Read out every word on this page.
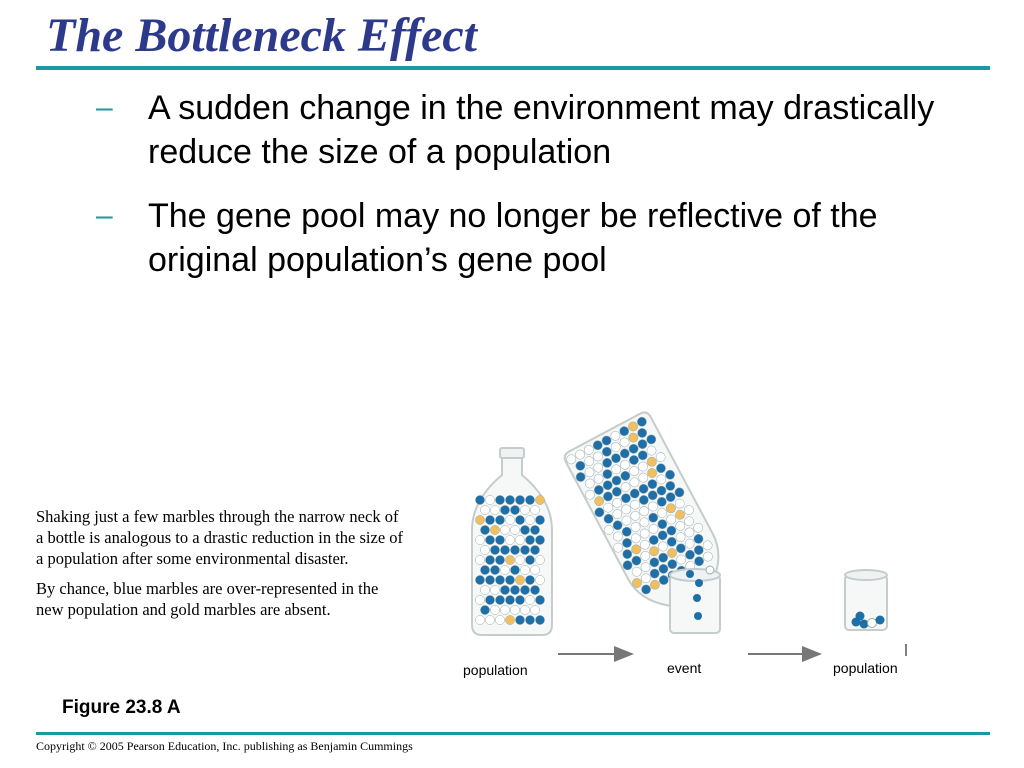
The Bottleneck Effect
– A sudden change in the environment may drastically reduce the size of a population
– The gene pool may no longer be reflective of the original population’s gene pool

Shaking just a few marbles through the narrow neck of a bottle is analogous to a drastic reduction in the size of a population after some environmental disaster.

By chance, blue marbles are over-represented in the new population and gold marbles are absent.

population	event	population
Figure 23.8 A
Copyright © 2005 Pearson Education, Inc. publishing as Benjamin Cummings
